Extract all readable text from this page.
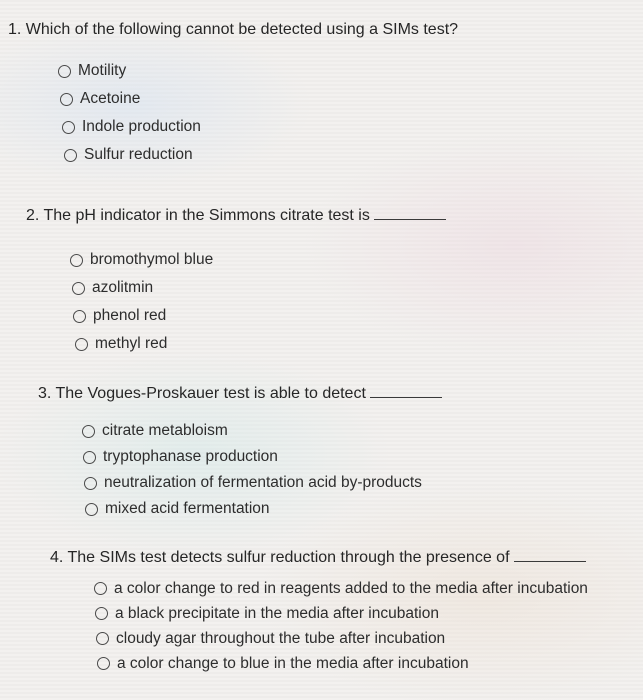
1. Which of the following cannot be detected using a SIMs test?
Motility
Acetoine
Indole production
Sulfur reduction
2. The pH indicator in the Simmons citrate test is
bromothymol blue
azolitmin
phenol red
methyl red
3. The Vogues-Proskauer test is able to detect
citrate metabloism
tryptophanase production
neutralization of fermentation acid by-products
mixed acid fermentation
4. The SIMs test detects sulfur reduction through the presence of
a color change to red in reagents added to the media after incubation
a black precipitate in the media after incubation
cloudy agar throughout the tube after incubation
a color change to blue in the media after incubation
